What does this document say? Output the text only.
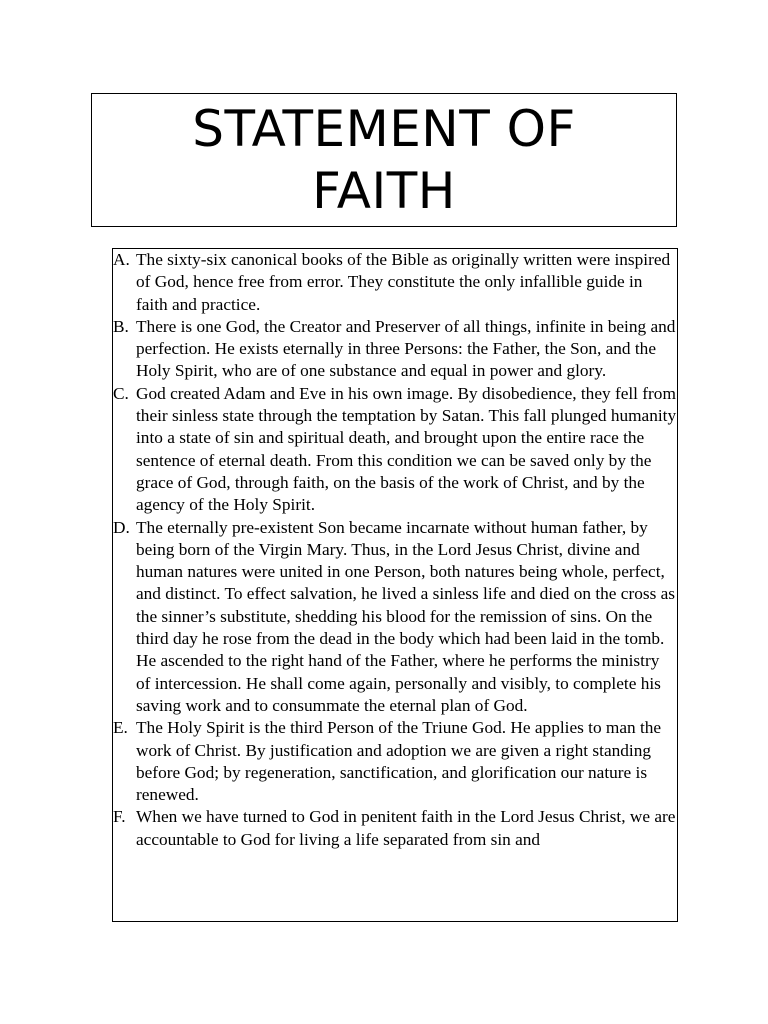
STATEMENT OF FAITH
A. The sixty-six canonical books of the Bible as originally written were inspired of God, hence free from error. They constitute the only infallible guide in faith and practice.
B. There is one God, the Creator and Preserver of all things, infinite in being and perfection. He exists eternally in three Persons: the Father, the Son, and the Holy Spirit, who are of one substance and equal in power and glory.
C. God created Adam and Eve in his own image. By disobedience, they fell from their sinless state through the temptation by Satan. This fall plunged humanity into a state of sin and spiritual death, and brought upon the entire race the sentence of eternal death. From this condition we can be saved only by the grace of God, through faith, on the basis of the work of Christ, and by the agency of the Holy Spirit.
D. The eternally pre-existent Son became incarnate without human father, by being born of the Virgin Mary. Thus, in the Lord Jesus Christ, divine and human natures were united in one Person, both natures being whole, perfect, and distinct. To effect salvation, he lived a sinless life and died on the cross as the sinner’s substitute, shedding his blood for the remission of sins. On the third day he rose from the dead in the body which had been laid in the tomb. He ascended to the right hand of the Father, where he performs the ministry of intercession. He shall come again, personally and visibly, to complete his saving work and to consummate the eternal plan of God.
E. The Holy Spirit is the third Person of the Triune God. He applies to man the work of Christ. By justification and adoption we are given a right standing before God; by regeneration, sanctification, and glorification our nature is renewed.
F. When we have turned to God in penitent faith in the Lord Jesus Christ, we are accountable to God for living a life separated from sin and
